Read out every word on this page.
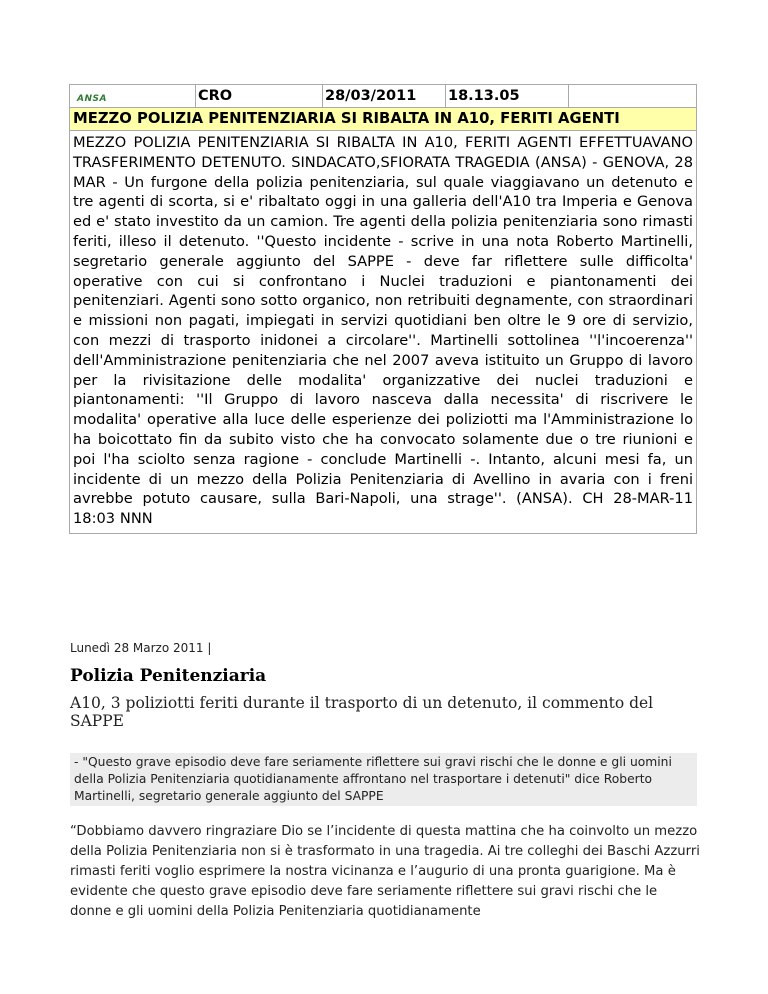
ANSA	CRO	28/03/2011	18.13.05
MEZZO POLIZIA PENITENZIARIA SI RIBALTA IN A10, FERITI AGENTI
MEZZO POLIZIA PENITENZIARIA SI RIBALTA IN A10, FERITI AGENTI EFFETTUAVANO TRASFERIMENTO DETENUTO. SINDACATO,SFIORATA TRAGEDIA (ANSA) - GENOVA, 28 MAR - Un furgone della polizia penitenziaria, sul quale viaggiavano un detenuto e tre agenti di scorta, si e' ribaltato oggi in una galleria dell'A10 tra Imperia e Genova ed e' stato investito da un camion. Tre agenti della polizia penitenziaria sono rimasti feriti, illeso il detenuto. ''Questo incidente - scrive in una nota Roberto Martinelli, segretario generale aggiunto del SAPPE - deve far riflettere sulle difficolta' operative con cui si confrontano i Nuclei traduzioni e piantonamenti dei penitenziari. Agenti sono sotto organico, non retribuiti degnamente, con straordinari e missioni non pagati, impiegati in servizi quotidiani ben oltre le 9 ore di servizio, con mezzi di trasporto inidonei a circolare''. Martinelli sottolinea ''l'incoerenza'' dell'Amministrazione penitenziaria che nel 2007 aveva istituito un Gruppo di lavoro per la rivisitazione delle modalita' organizzative dei nuclei traduzioni e piantonamenti: ''Il Gruppo di lavoro nasceva dalla necessita' di riscrivere le modalita' operative alla luce delle esperienze dei poliziotti ma l'Amministrazione lo ha boicottato fin da subito visto che ha convocato solamente due o tre riunioni e poi l'ha sciolto senza ragione - conclude Martinelli -. Intanto, alcuni mesi fa, un incidente di un mezzo della Polizia Penitenziaria di Avellino in avaria con i freni avrebbe potuto causare, sulla Bari-Napoli, una strage''. (ANSA). CH 28-MAR-11 18:03 NNN
Lunedì 28 Marzo 2011 |
Polizia Penitenziaria
A10, 3 poliziotti feriti durante il trasporto di un detenuto, il commento del SAPPE
- "Questo grave episodio deve fare seriamente riflettere sui gravi rischi che le donne e gli uomini della Polizia Penitenziaria quotidianamente affrontano nel trasportare i detenuti" dice Roberto Martinelli, segretario generale aggiunto del SAPPE
“Dobbiamo davvero ringraziare Dio se l’incidente di questa mattina che ha coinvolto un mezzo della Polizia Penitenziaria non si è trasformato in una tragedia. Ai tre colleghi dei Baschi Azzurri rimasti feriti voglio esprimere la nostra vicinanza e l’augurio di una pronta guarigione. Ma è evidente che questo grave episodio deve fare seriamente riflettere sui gravi rischi che le donne e gli uomini della Polizia Penitenziaria quotidianamente
